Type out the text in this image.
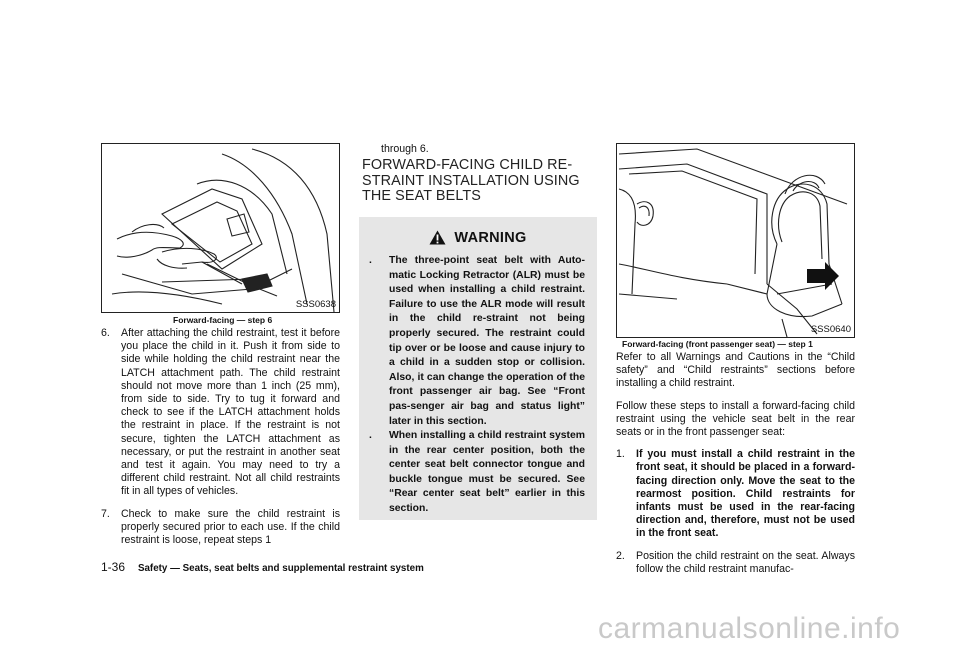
SSS0638
Forward-facing — step 6
6. After attaching the child restraint, test it before you place the child in it. Push it from side to side while holding the child restraint near the LATCH attachment path. The child restraint should not move more than 1 inch (25 mm), from side to side. Try to tug it forward and check to see if the LATCH attachment holds the restraint in place. If the restraint is not secure, tighten the LATCH attachment as necessary, or put the restraint in another seat and test it again. You may need to try a different child restraint. Not all child restraints fit in all types of vehicles.
7. Check to make sure the child restraint is properly secured prior to each use. If the child restraint is loose, repeat steps 1
through 6.
FORWARD-FACING CHILD RE-STRAINT INSTALLATION USING THE SEAT BELTS
WARNING
. The three-point seat belt with Auto-matic Locking Retractor (ALR) must be used when installing a child restraint. Failure to use the ALR mode will result in the child re-straint not being properly secured. The restraint could tip over or be loose and cause injury to a child in a sudden stop or collision. Also, it can change the operation of the front passenger air bag. See “Front pas-senger air bag and status light” later in this section.
. When installing a child restraint system in the rear center position, both the center seat belt connector tongue and buckle tongue must be secured. See “Rear center seat belt” earlier in this section.
SSS0640
Forward-facing (front passenger seat) — step 1

Refer to all Warnings and Cautions in the “Child safety” and “Child restraints” sections before installing a child restraint.

Follow these steps to install a forward-facing child restraint using the vehicle seat belt in the rear seats or in the front passenger seat:

1. If you must install a child restraint in the front seat, it should be placed in a forward-facing direction only. Move the seat to the rearmost position. Child restraints for infants must be used in the rear-facing direction and, therefore, must not be used in the front seat.
2. Position the child restraint on the seat. Always follow the child restraint manufac-
1-36 Safety — Seats, seat belts and supplemental restraint system
carmanualsonline.info
